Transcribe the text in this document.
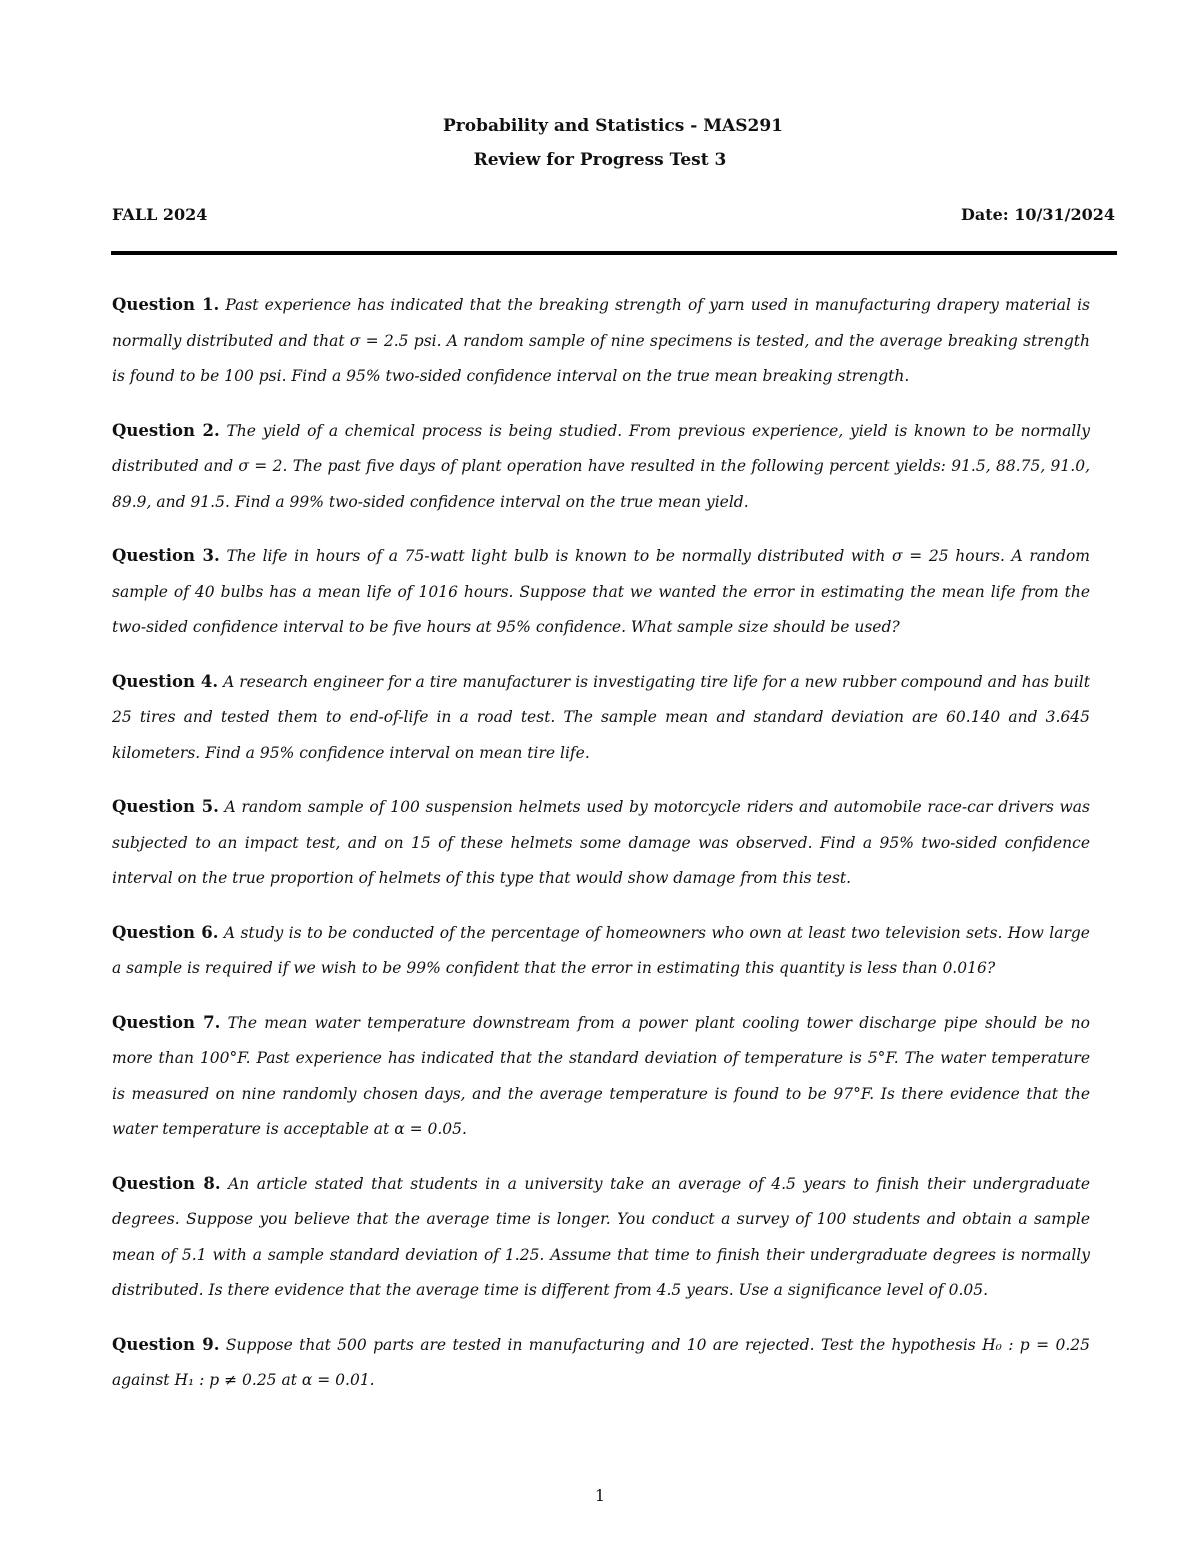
Probability and Statistics - MAS291
Review for Progress Test 3
FALL 2024	Date: 10/31/2024

Question 1. Past experience has indicated that the breaking strength of yarn used in manufacturing drapery material is normally distributed and that σ = 2.5 psi. A random sample of nine specimens is tested, and the average breaking strength is found to be 100 psi. Find a 95% two-sided confidence interval on the true mean breaking strength.

Question 2. The yield of a chemical process is being studied. From previous experience, yield is known to be normally distributed and σ = 2. The past five days of plant operation have resulted in the following percent yields: 91.5, 88.75, 91.0, 89.9, and 91.5. Find a 99% two-sided confidence interval on the true mean yield.

Question 3. The life in hours of a 75-watt light bulb is known to be normally distributed with σ = 25 hours. A random sample of 40 bulbs has a mean life of 1016 hours. Suppose that we wanted the error in estimating the mean life from the two-sided confidence interval to be five hours at 95% confidence. What sample size should be used?

Question 4. A research engineer for a tire manufacturer is investigating tire life for a new rubber compound and has built 25 tires and tested them to end-of-life in a road test. The sample mean and standard deviation are 60.140 and 3.645 kilometers. Find a 95% confidence interval on mean tire life.

Question 5. A random sample of 100 suspension helmets used by motorcycle riders and automobile race-car drivers was subjected to an impact test, and on 15 of these helmets some damage was observed. Find a 95% two-sided confidence interval on the true proportion of helmets of this type that would show damage from this test.

Question 6. A study is to be conducted of the percentage of homeowners who own at least two television sets. How large a sample is required if we wish to be 99% confident that the error in estimating this quantity is less than 0.016?

Question 7. The mean water temperature downstream from a power plant cooling tower discharge pipe should be no more than 100°F. Past experience has indicated that the standard deviation of temperature is 5°F. The water temperature is measured on nine randomly chosen days, and the average temperature is found to be 97°F. Is there evidence that the water temperature is acceptable at α = 0.05.

Question 8. An article stated that students in a university take an average of 4.5 years to finish their undergraduate degrees. Suppose you believe that the average time is longer. You conduct a survey of 100 students and obtain a sample mean of 5.1 with a sample standard deviation of 1.25. Assume that time to finish their undergraduate degrees is normally distributed. Is there evidence that the average time is different from 4.5 years. Use a significance level of 0.05.

Question 9. Suppose that 500 parts are tested in manufacturing and 10 are rejected. Test the hypothesis H₀ : p = 0.25 against H₁ : p ≠ 0.25 at α = 0.01.

1
